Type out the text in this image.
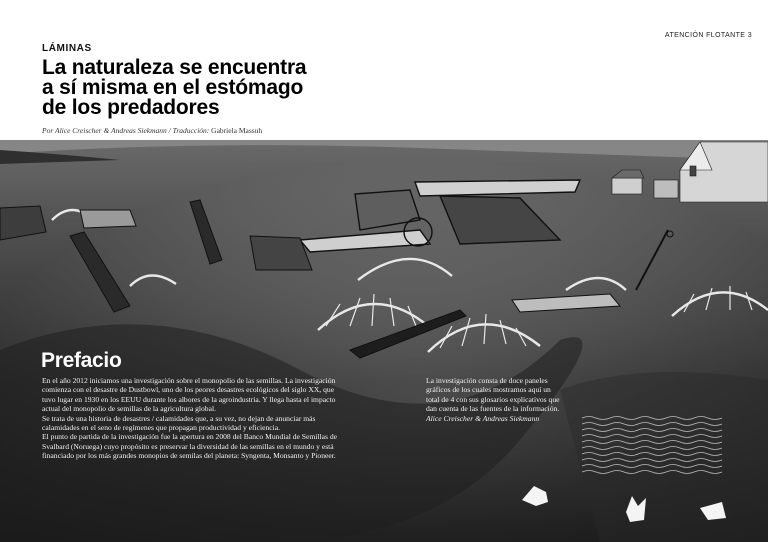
ATENCIÓN FLOTANTE 3
LÁMINAS
La naturaleza se encuentra
a sí misma en el estómago
de los predadores
Por Alice Creischer & Andreas Siekmann / Traducción: Gabriela Massuh
Prefacio

En el año 2012 iniciamos una investigación sobre el monopolio de las semillas. La investigación comienza con el desastre de Dustbowl, uno de los peores desastres ecológicos del siglo XX, que tuvo lugar en 1930 en los EEUU durante los albores de la agroindustria. Y llega hasta el impacto actual del monopolio de semillas de la agricultura global.

Se trata de una historia de desastres / calamidades que, a su vez, no dejan de anunciar más calamidades en el seno de regímenes que propagan productividad y eficiencia.

El punto de partida de la investigación fue la apertura en 2008 del Banco Mundial de Semillas de Svalbard (Noruega) cuyo propósito es preservar la diversidad de las semillas en el mundo y está financiado por los más grandes monopios de semilas del planeta: Syngenta, Monsanto y Pioneer.

La investigación consta de doce paneles gráficos de los cuales mostramos aquí un total de 4 con sus glosarios explicativos que dan cuenta de las fuentes de la información.

Alice Creischer & Andreas Siekmann
